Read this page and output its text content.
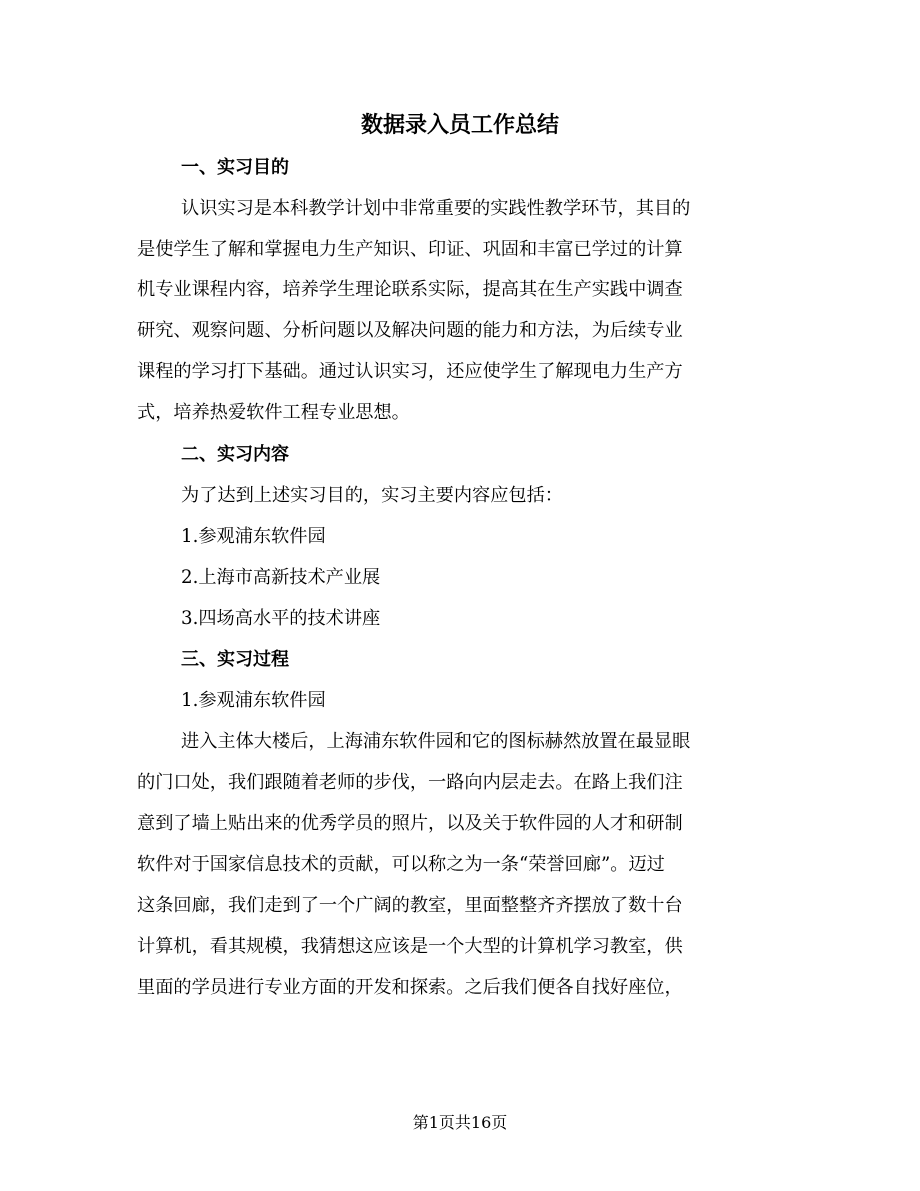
数据录入员工作总结

一、实习目的

认识实习是本科教学计划中非常重要的实践性教学环节，其目的

是使学生了解和掌握电力生产知识、印证、巩固和丰富已学过的计算

机专业课程内容，培养学生理论联系实际，提高其在生产实践中调查

研究、观察问题、分析问题以及解决问题的能力和方法，为后续专业

课程的学习打下基础。通过认识实习，还应使学生了解现电力生产方

式，培养热爱软件工程专业思想。

二、实习内容

为了达到上述实习目的，实习主要内容应包括：

1.参观浦东软件园

2.上海市高新技术产业展

3.四场高水平的技术讲座

三、实习过程

1.参观浦东软件园

进入主体大楼后，上海浦东软件园和它的图标赫然放置在最显眼

的门口处，我们跟随着老师的步伐，一路向内层走去。在路上我们注

意到了墙上贴出来的优秀学员的照片，以及关于软件园的人才和研制

软件对于国家信息技术的贡献，可以称之为一条“荣誉回廊”。迈过

这条回廊，我们走到了一个广阔的教室，里面整整齐齐摆放了数十台

计算机，看其规模，我猜想这应该是一个大型的计算机学习教室，供

里面的学员进行专业方面的开发和探索。之后我们便各自找好座位，

第1页共16页
